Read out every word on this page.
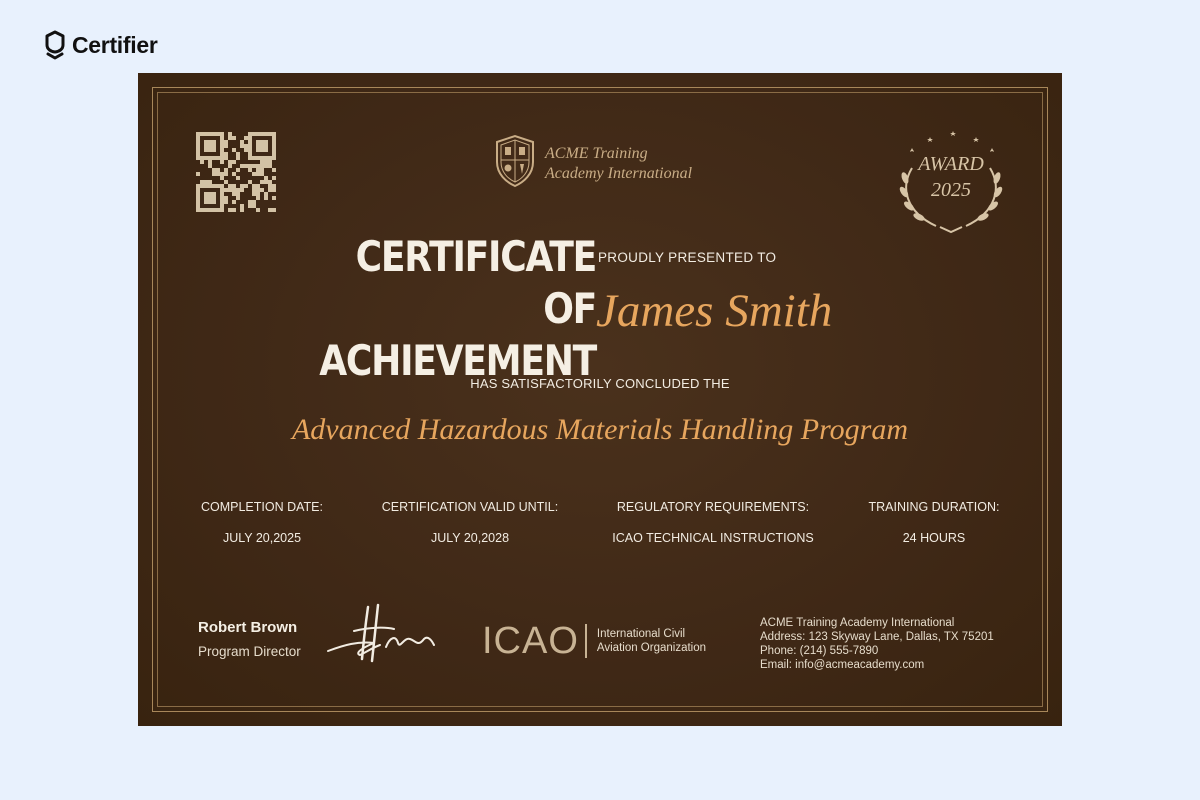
Certifier
ACME Training
Academy International	AWARD
2025
CERTIFICATE
OF ACHIEVEMENT
PROUDLY PRESENTED TO
James Smith
HAS SATISFACTORILY CONCLUDED THE
Advanced Hazardous Materials Handling Program
COMPLETION DATE:
JULY 20,2025
CERTIFICATION VALID UNTIL:
JULY 20,2028
REGULATORY REQUIREMENTS:
ICAO TECHNICAL INSTRUCTIONS
TRAINING DURATION:
24 HOURS
Robert Brown
Program Director	ICAO International Civil
Aviation Organization
ACME Training Academy International
Address: 123 Skyway Lane, Dallas, TX 75201
Phone: (214) 555-7890
Email: info@acmeacademy.com
